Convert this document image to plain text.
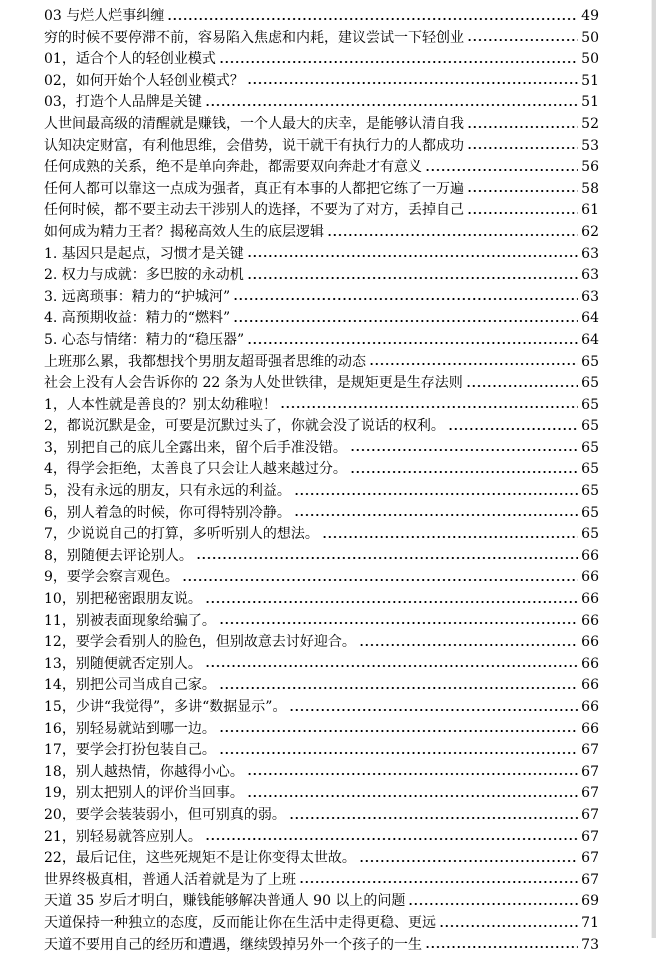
03 与烂人烂事纠缠	49
穷的时候不要停滞不前，容易陷入焦虑和内耗，建议尝试一下轻创业	50
01，适合个人的轻创业模式	50
02，如何开始个人轻创业模式？	51
03，打造个人品牌是关键	51
人世间最高级的清醒就是赚钱，一个人最大的庆幸，是能够认清自我	52
认知决定财富，有利他思维，会借势，说干就干有执行力的人都成功	53
任何成熟的关系，绝不是单向奔赴，都需要双向奔赴才有意义	56
任何人都可以靠这一点成为强者，真正有本事的人都把它练了一万遍	58
任何时候，都不要主动去干涉别人的选择，不要为了对方，丢掉自己	61
如何成为精力王者？揭秘高效人生的底层逻辑	62
1. 基因只是起点，习惯才是关键	63
2. 权力与成就：多巴胺的永动机	63
3. 远离琐事：精力的“护城河”	63
4. 高预期收益：精力的“燃料”	64
5. 心态与情绪：精力的“稳压器”	64
上班那么累，我都想找个男朋友超哥强者思维的动态	65
社会上没有人会告诉你的 22 条为人处世铁律，是规矩更是生存法则	65
1，人本性就是善良的？别太幼稚啦！	65
2，都说沉默是金，可要是沉默过头了，你就会没了说话的权利。	65
3，别把自己的底儿全露出来，留个后手准没错。	65
4，得学会拒绝，太善良了只会让人越来越过分。	65
5，没有永远的朋友，只有永远的利益。	65
6，别人着急的时候，你可得特别冷静。	65
7，少说说自己的打算，多听听别人的想法。	65
8，别随便去评论别人。	66
9，要学会察言观色。	66
10，别把秘密跟朋友说。	66
11，别被表面现象给骗了。	66
12，要学会看别人的脸色，但别故意去讨好迎合。	66
13，别随便就否定别人。	66
14，别把公司当成自己家。	66
15，少讲“我觉得”，多讲“数据显示”。	66
16，别轻易就站到哪一边。	66
17，要学会打扮包装自己。	67
18，别人越热情，你越得小心。	67
19，别太把别人的评价当回事。	67
20，要学会装装弱小，但可别真的弱。	67
21，别轻易就答应别人。	67
22，最后记住，这些死规矩不是让你变得太世故。	67
世界终极真相，普通人活着就是为了上班	67
天道 35 岁后才明白，赚钱能够解决普通人 90 以上的问题	69
天道保持一种独立的态度，反而能让你在生活中走得更稳、更远	71
天道不要用自己的经历和遭遇，继续毁掉另外一个孩子的一生	73
